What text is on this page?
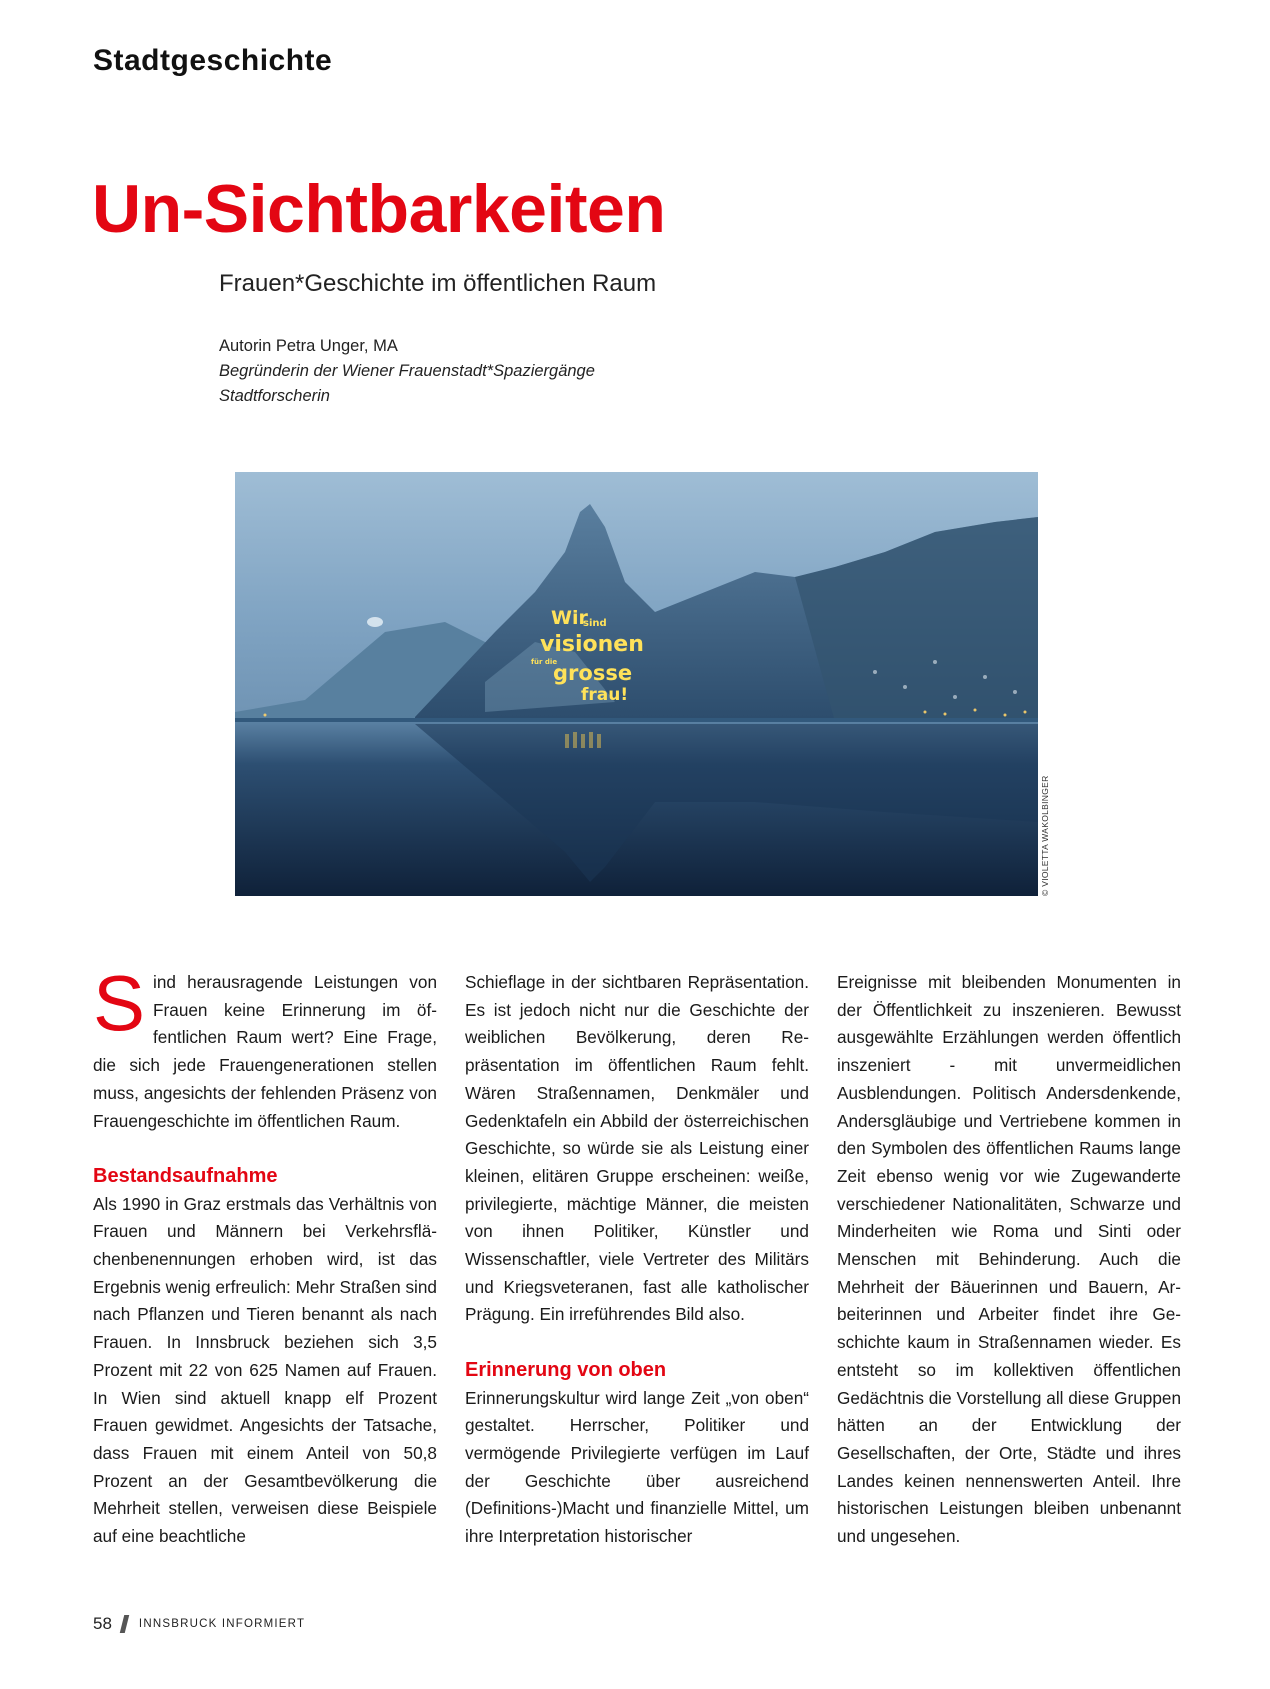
Stadtgeschichte
Un-Sichtbarkeiten
Frauen*Geschichte im öffentlichen Raum
Autorin Petra Unger, MA
Begründerin der Wiener Frauenstadt*Spaziergänge
Stadtforscherin
Wir
sind
visionen
für die
grosse
frau!
© VIOLETTA WAKOLBINGER

Sind herausragende Leistungen von Frauen keine Erinnerung im öffentlichen Raum wert? Eine Frage, die sich jede Frauengenerationen stellen muss, angesichts der fehlenden Präsenz von Frauengeschichte im öffentlichen Raum.

Bestandsaufnahme

Als 1990 in Graz erstmals das Verhältnis von Frauen und Männern bei Verkehrsflächenbenennungen erhoben wird, ist das Ergebnis wenig erfreulich: Mehr Straßen sind nach Pflanzen und Tieren benannt als nach Frauen. In Innsbruck beziehen sich 3,5 Prozent mit 22 von 625 Namen auf Frauen. In Wien sind aktuell knapp elf Prozent Frauen gewidmet. Angesichts der Tatsache, dass Frauen mit einem Anteil von 50,8 Prozent an der Gesamtbevölkerung die Mehrheit stellen, verweisen diese Beispiele auf eine beachtliche

Schieflage in der sichtbaren Repräsentation. Es ist jedoch nicht nur die Geschichte der weiblichen Bevölkerung, deren Repräsentation im öffentlichen Raum fehlt. Wären Straßennamen, Denkmäler und Gedenktafeln ein Abbild der österreichischen Geschichte, so würde sie als Leistung einer kleinen, elitären Gruppe erscheinen: weiße, privilegierte, mächtige Männer, die meisten von ihnen Politiker, Künstler und Wissenschaftler, viele Vertreter des Militärs und Kriegsveteranen, fast alle katholischer Prägung. Ein irreführendes Bild also.

Erinnerung von oben

Erinnerungskultur wird lange Zeit „von oben“ gestaltet. Herrscher, Politiker und vermögende Privilegierte verfügen im Lauf der Geschichte über ausreichend (Definitions-)Macht und finanzielle Mittel, um ihre Interpretation historischer

Ereignisse mit bleibenden Monumenten in der Öffentlichkeit zu inszenieren. Bewusst ausgewählte Erzählungen werden öffentlich inszeniert - mit unvermeidlichen Ausblendungen. Politisch Andersdenkende, Andersgläubige und Vertriebene kommen in den Symbolen des öffentlichen Raums lange Zeit ebenso wenig vor wie Zugewanderte verschiedener Nationalitäten, Schwarze und Minderheiten wie Roma und Sinti oder Menschen mit Behinderung. Auch die Mehrheit der Bäuerinnen und Bauern, Arbeiterinnen und Arbeiter findet ihre Geschichte kaum in Straßennamen wieder. Es entsteht so im kollektiven öffentlichen Gedächtnis die Vorstellung all diese Gruppen hätten an der Entwicklung der Gesellschaften, der Orte, Städte und ihres Landes keinen nennenswerten Anteil. Ihre historischen Leistungen bleiben unbenannt und ungesehen.

58 INNSBRUCK INFORMIERT
